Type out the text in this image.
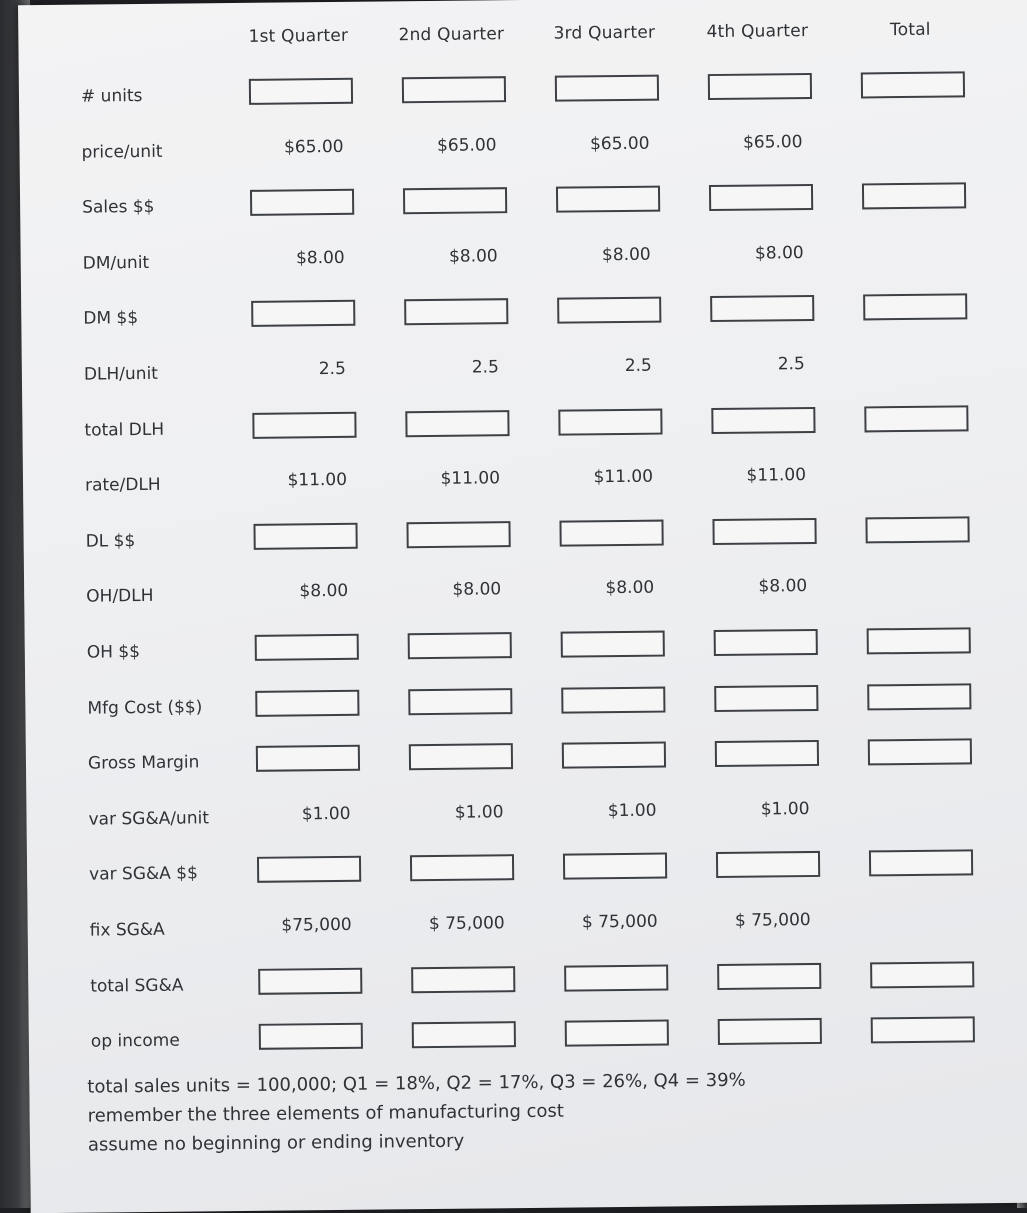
1st Quarter	2nd Quarter	3rd Quarter	4th Quarter	Total
# units
price/unit	$65.00	$65.00	$65.00	$65.00
Sales $$
DM/unit	$8.00	$8.00	$8.00	$8.00
DM $$
DLH/unit	2.5	2.5	2.5	2.5
total DLH
rate/DLH	$11.00	$11.00	$11.00	$11.00
DL $$
OH/DLH	$8.00	$8.00	$8.00	$8.00
OH $$
Mfg Cost ($$)
Gross Margin
var SG&A/unit	$1.00	$1.00	$1.00	$1.00
var SG&A $$
fix SG&A	$75,000	$ 75,000	$ 75,000	$ 75,000
total SG&A
op income
total sales units = 100,000; Q1 = 18%, Q2 = 17%, Q3 = 26%, Q4 = 39%
remember the three elements of manufacturing cost
assume no beginning or ending inventory
